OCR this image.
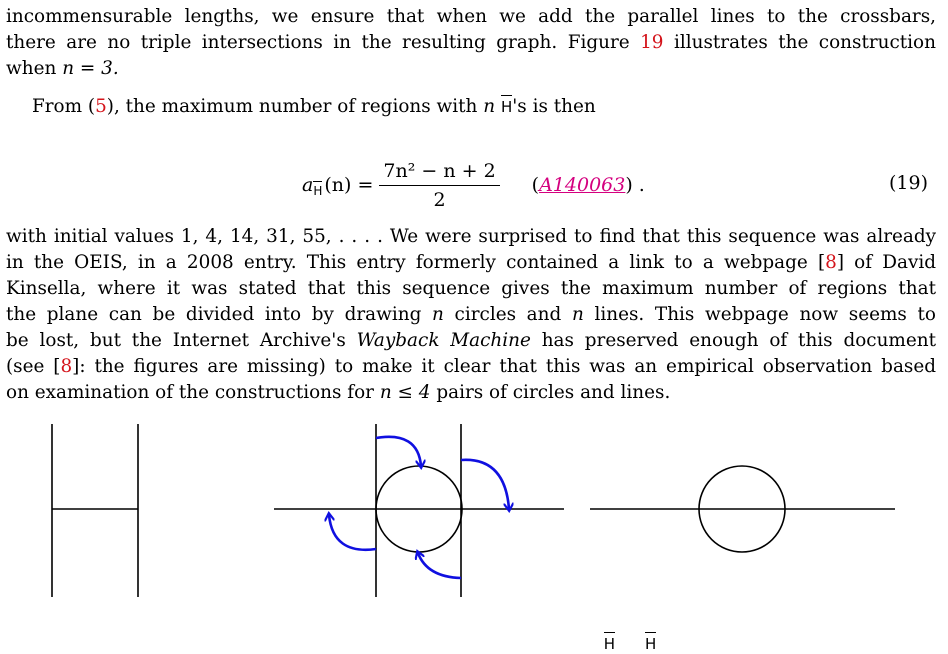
incommensurable lengths, we ensure that when we add the parallel lines to the crossbars,
there are no triple intersections in the resulting graph. Figure 19 illustrates the construction
when n = 3.
From (5), the maximum number of regions with n H's is then
a $_H$ $(n) = \frac{\text{7n² − n + 2}}{2} (A140063)$ .	(19)
with initial values 1, 4, 14, 31, 55, . . . . We were surprised to find that this sequence was already
in the OEIS, in a 2008 entry. This entry formerly contained a link to a webpage [8] of David
Kinsella, where it was stated that this sequence gives the maximum number of regions that
the plane can be divided into by drawing n circles and n lines. This webpage now seems to
be lost, but the Internet Archive's Wayback Machine has preserved enough of this document
(see [8]: the figures are missing) to make it clear that this was an empirical observation based
on examination of the constructions for n ≤ 4 pairs of circles and lines.
H H
